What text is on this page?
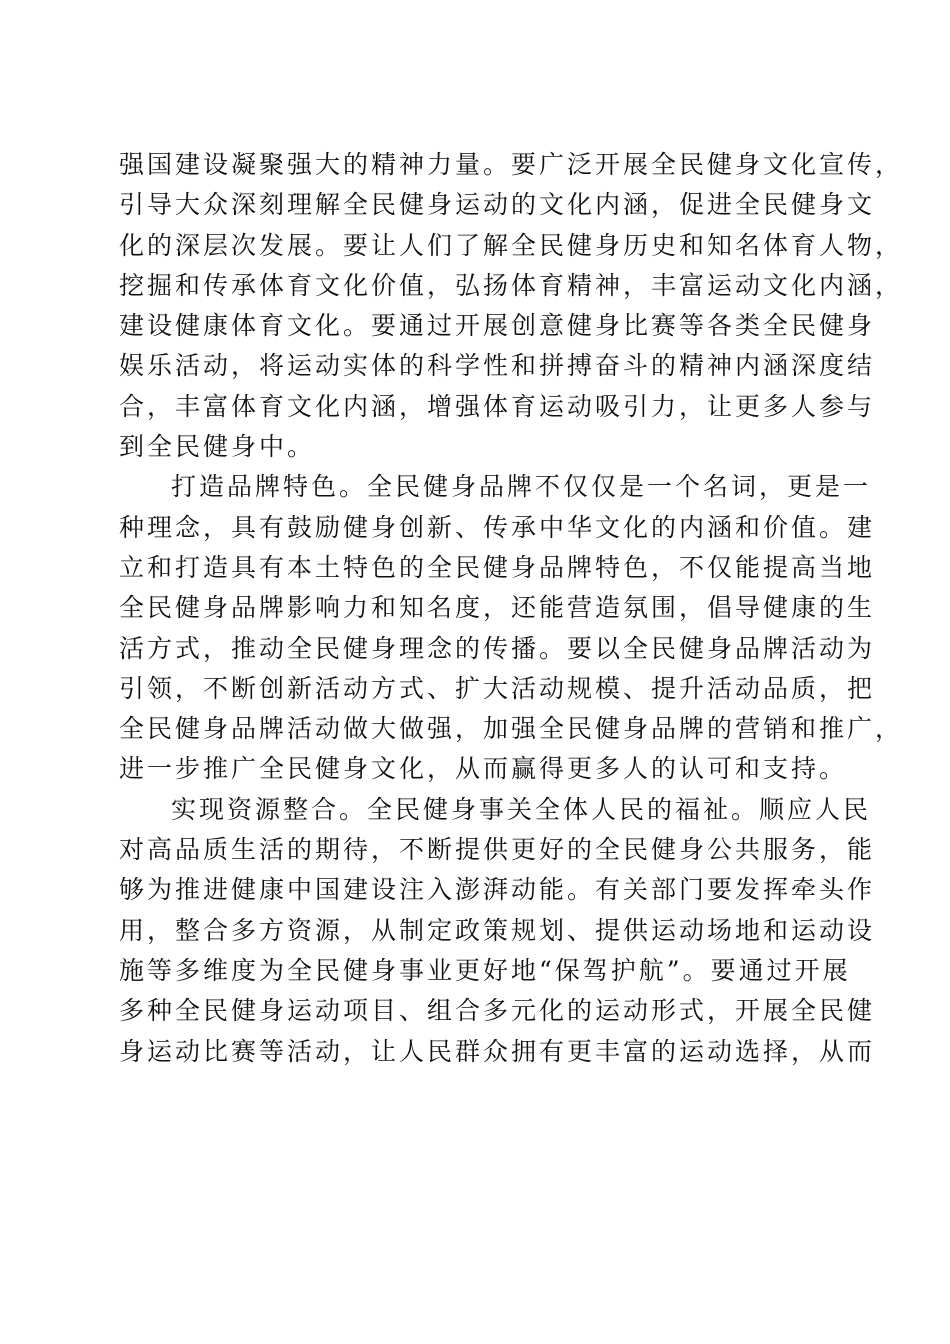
强国建设凝聚强大的精神力量。要广泛开展全民健身文化宣传，
引导大众深刻理解全民健身运动的文化内涵，促进全民健身文
化的深层次发展。要让人们了解全民健身历史和知名体育人物，
挖掘和传承体育文化价值，弘扬体育精神，丰富运动文化内涵，
建设健康体育文化。要通过开展创意健身比赛等各类全民健身
娱乐活动，将运动实体的科学性和拼搏奋斗的精神内涵深度结
合，丰富体育文化内涵，增强体育运动吸引力，让更多人参与
到全民健身中。
打造品牌特色。全民健身品牌不仅仅是一个名词，更是一
种理念，具有鼓励健身创新、传承中华文化的内涵和价值。建
立和打造具有本土特色的全民健身品牌特色，不仅能提高当地
全民健身品牌影响力和知名度，还能营造氛围，倡导健康的生
活方式，推动全民健身理念的传播。要以全民健身品牌活动为
引领，不断创新活动方式、扩大活动规模、提升活动品质，把
全民健身品牌活动做大做强，加强全民健身品牌的营销和推广，
进一步推广全民健身文化，从而赢得更多人的认可和支持。
实现资源整合。全民健身事关全体人民的福祉。顺应人民
对高品质生活的期待，不断提供更好的全民健身公共服务，能
够为推进健康中国建设注入澎湃动能。有关部门要发挥牵头作
用，整合多方资源，从制定政策规划、提供运动场地和运动设
施等多维度为全民健身事业更好地“保驾护航”。要通过开展
多种全民健身运动项目、组合多元化的运动形式，开展全民健
身运动比赛等活动，让人民群众拥有更丰富的运动选择，从而
